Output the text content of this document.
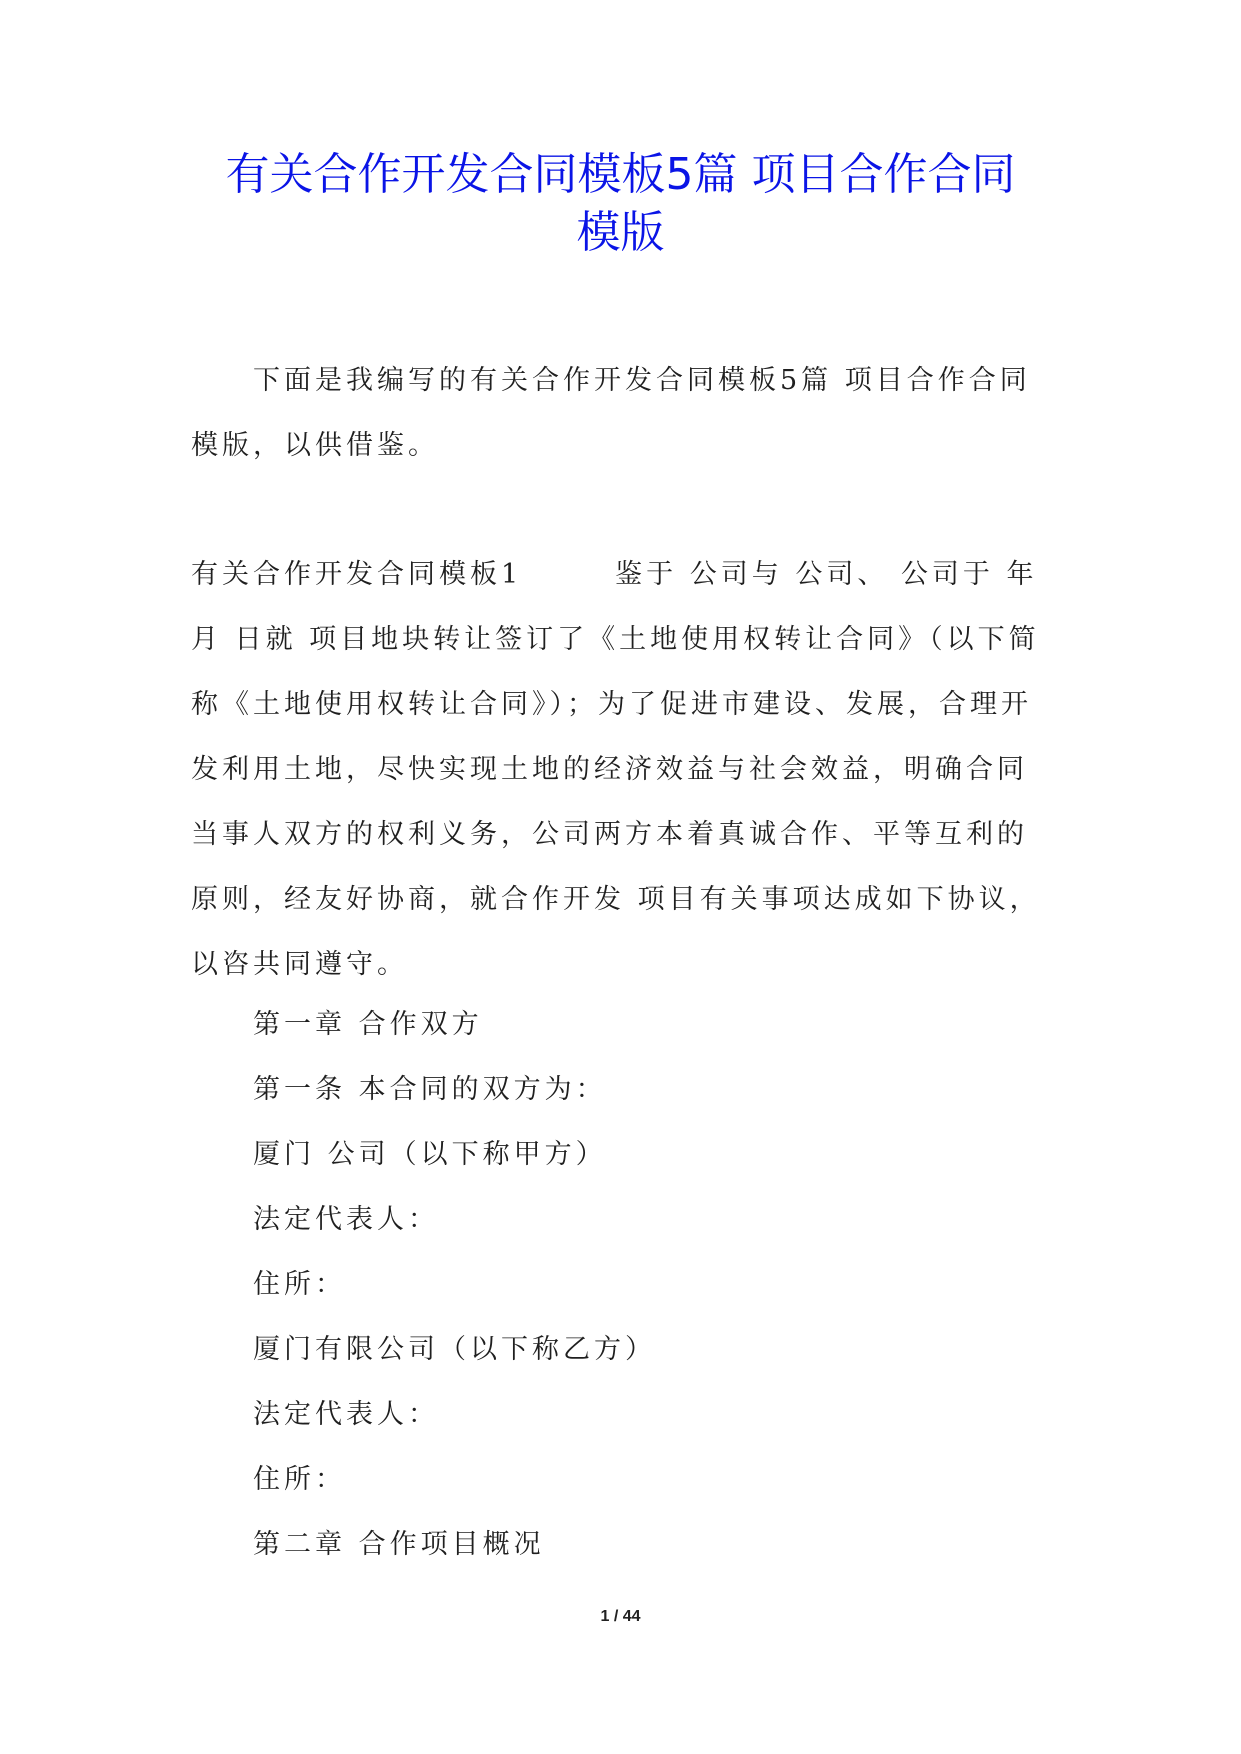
有关合作开发合同模板5篇 项目合作合同
模版

下面是我编写的有关合作开发合同模板5篇 项目合作合同模版，以供借鉴。

有关合作开发合同模板1　　　鉴于 公司与 公司、 公司于 年月 日就 项目地块转让签订了《土地使用权转让合同》（以下简称《土地使用权转让合同》）；为了促进市建设、发展，合理开发利用土地，尽快实现土地的经济效益与社会效益，明确合同当事人双方的权利义务，公司两方本着真诚合作、平等互利的原则，经友好协商，就合作开发 项目有关事项达成如下协议，以咨共同遵守。

第一章 合作双方

第一条 本合同的双方为：

厦门 公司（以下称甲方）

法定代表人：

住所：

厦门有限公司（以下称乙方）

法定代表人：

住所：

第二章 合作项目概况

1 / 44
